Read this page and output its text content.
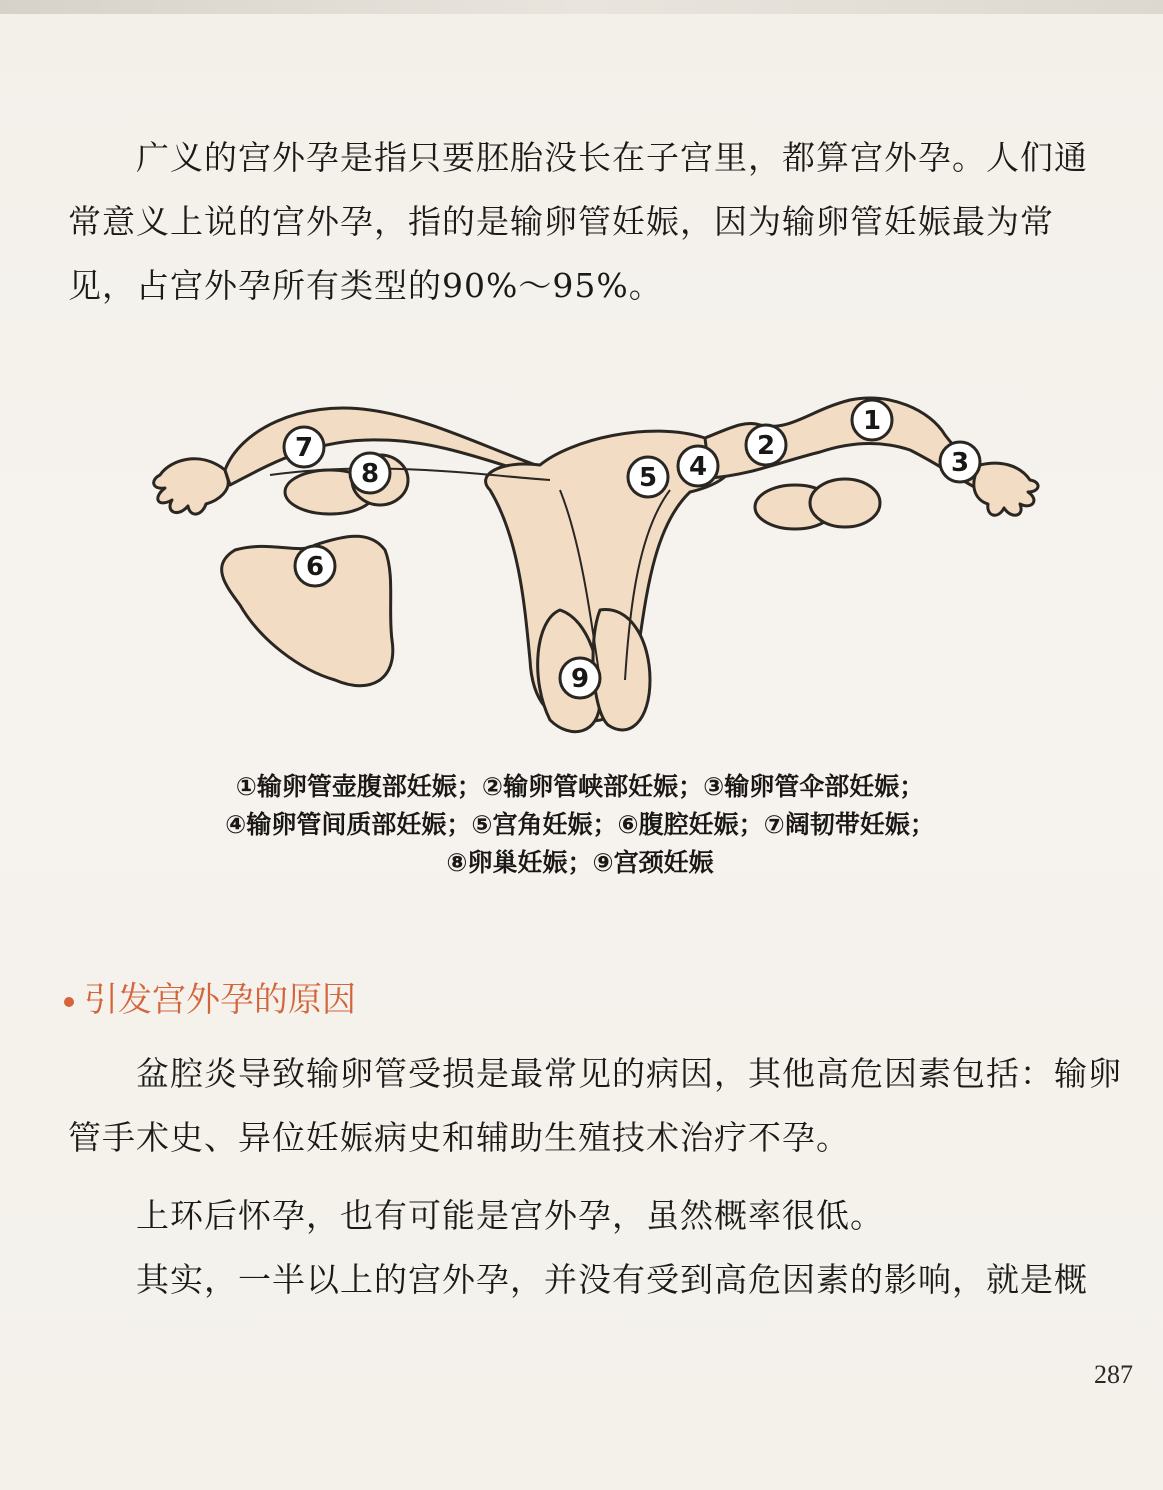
广义的宫外孕是指只要胚胎没长在子宫里，都算宫外孕。人们通常意义上说的宫外孕，指的是输卵管妊娠，因为输卵管妊娠最为常见，占宫外孕所有类型的90%～95%。

1
2
3
4
5
6
7
8
9
①输卵管壶腹部妊娠；②输卵管峡部妊娠；③输卵管伞部妊娠；
④输卵管间质部妊娠；⑤宫角妊娠；⑥腹腔妊娠；⑦阔韧带妊娠；
⑧卵巢妊娠；⑨宫颈妊娠
引发宫外孕的原因

盆腔炎导致输卵管受损是最常见的病因，其他高危因素包括：输卵管手术史、异位妊娠病史和辅助生殖技术治疗不孕。

上环后怀孕，也有可能是宫外孕，虽然概率很低。

其实，一半以上的宫外孕，并没有受到高危因素的影响，就是概

287
